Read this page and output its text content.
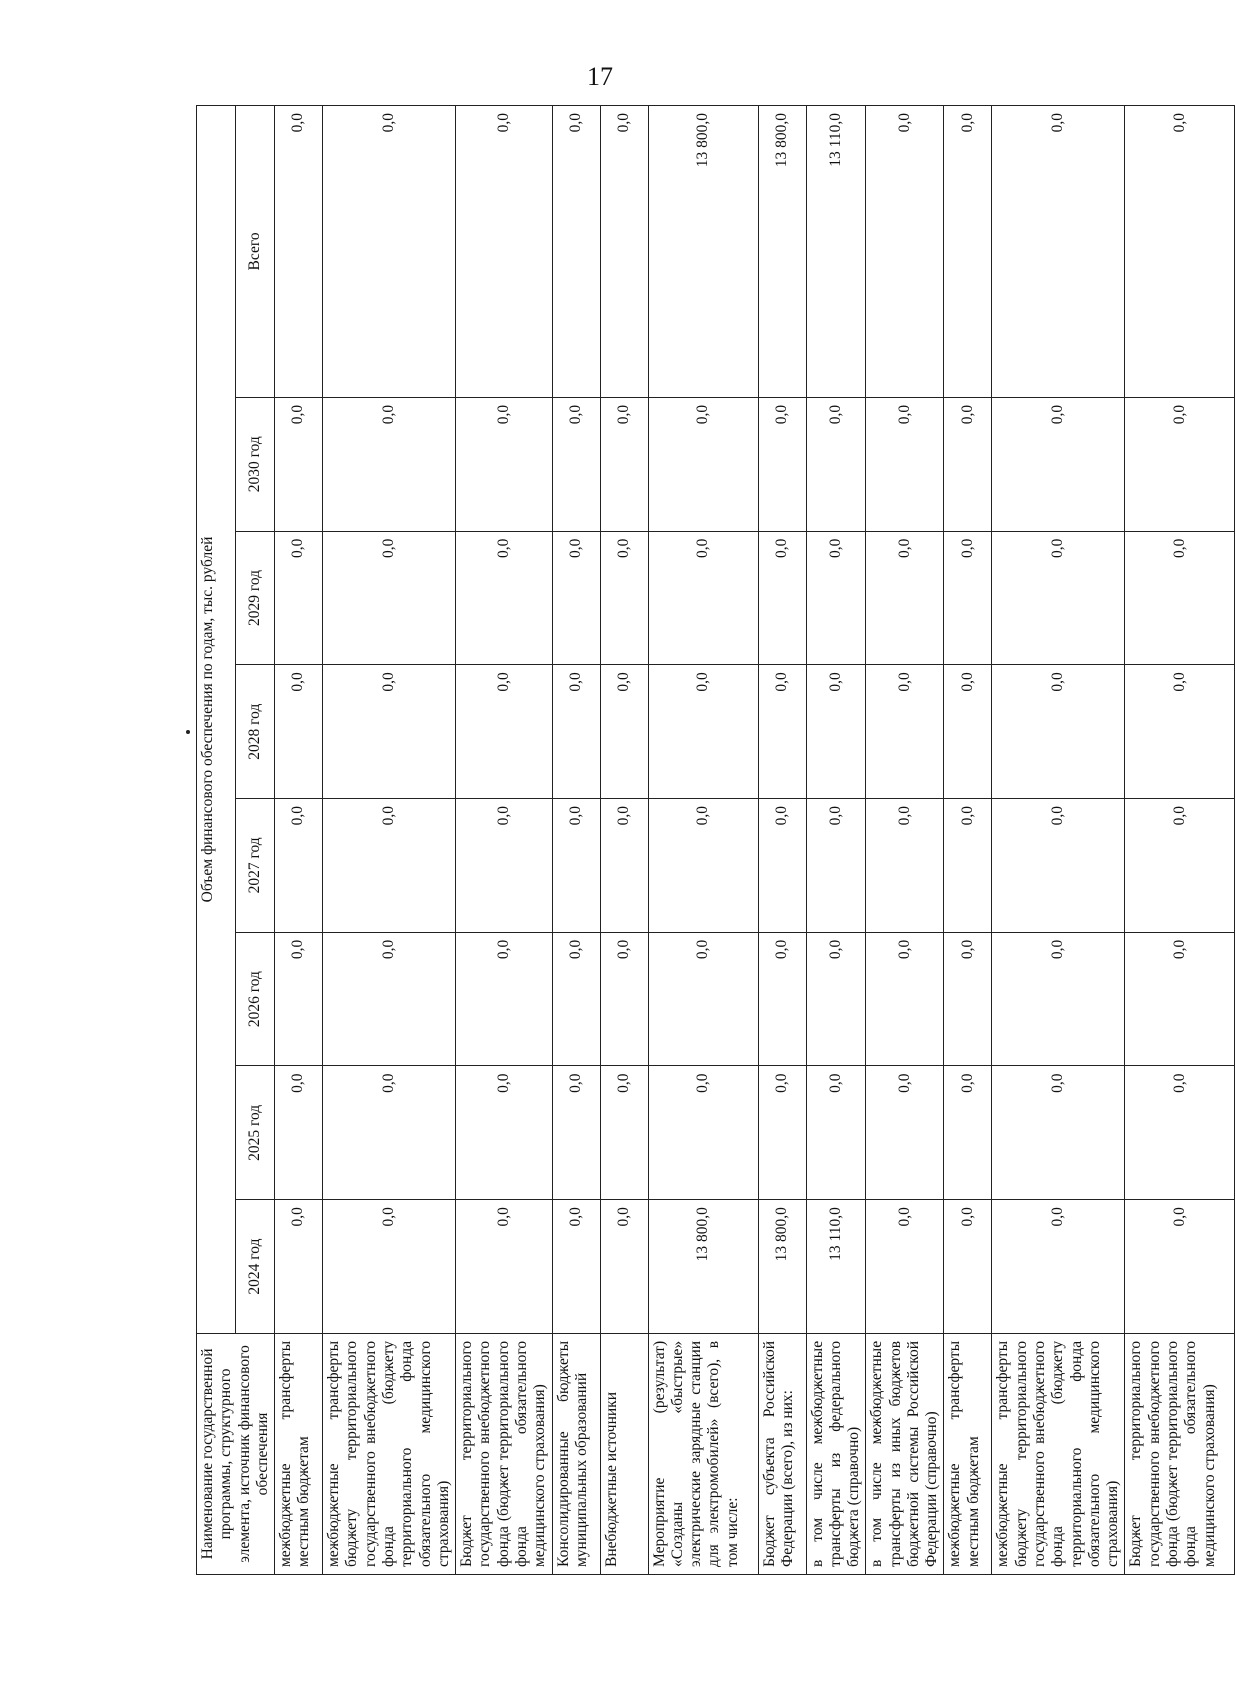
17
Наименование государственной программы, структурного элемента, источник финансового обеспечения	Объем финансового обеспечения по годам, тыс. рублей							
	2024 год	2025 год	2026 год	2027 год	2028 год	2029 год	2030 год	Всего
межбюджетные трансферты местным бюджетам	0,0	0,0	0,0	0,0	0,0	0,0	0,0	0,0
межбюджетные трансферты бюджету территориального государственного внебюджетного фонда (бюджету территориального фонда обязательного медицинского страхования)	0,0	0,0	0,0	0,0	0,0	0,0	0,0	0,0
Бюджет территориального государственного внебюджетного фонда (бюджет территориального фонда обязательного медицинского страхования)	0,0	0,0	0,0	0,0	0,0	0,0	0,0	0,0
Консолидированные бюджеты муниципальных образований	0,0	0,0	0,0	0,0	0,0	0,0	0,0	0,0
Внебюджетные источники	0,0	0,0	0,0	0,0	0,0	0,0	0,0	0,0
Мероприятие (результат) «Созданы «быстрые» электрические зарядные станции для электромобилей» (всего), в том числе:	13 800,0	0,0	0,0	0,0	0,0	0,0	0,0	13 800,0
Бюджет субъекта Российской Федерации (всего), из них:	13 800,0	0,0	0,0	0,0	0,0	0,0	0,0	13 800,0
в том числе межбюджетные трансферты из федерального бюджета (справочно)	13 110,0	0,0	0,0	0,0	0,0	0,0	0,0	13 110,0
в том числе межбюджетные трансферты из иных бюджетов бюджетной системы Российской Федерации (справочно)	0,0	0,0	0,0	0,0	0,0	0,0	0,0	0,0
межбюджетные трансферты местным бюджетам	0,0	0,0	0,0	0,0	0,0	0,0	0,0	0,0
межбюджетные трансферты бюджету территориального государственного внебюджетного фонда (бюджету территориального фонда обязательного медицинского страхования)	0,0	0,0	0,0	0,0	0,0	0,0	0,0	0,0
Бюджет территориального государственного внебюджетного фонда (бюджет территориального фонда обязательного медицинского страхования)	0,0	0,0	0,0	0,0	0,0	0,0	0,0	0,0
